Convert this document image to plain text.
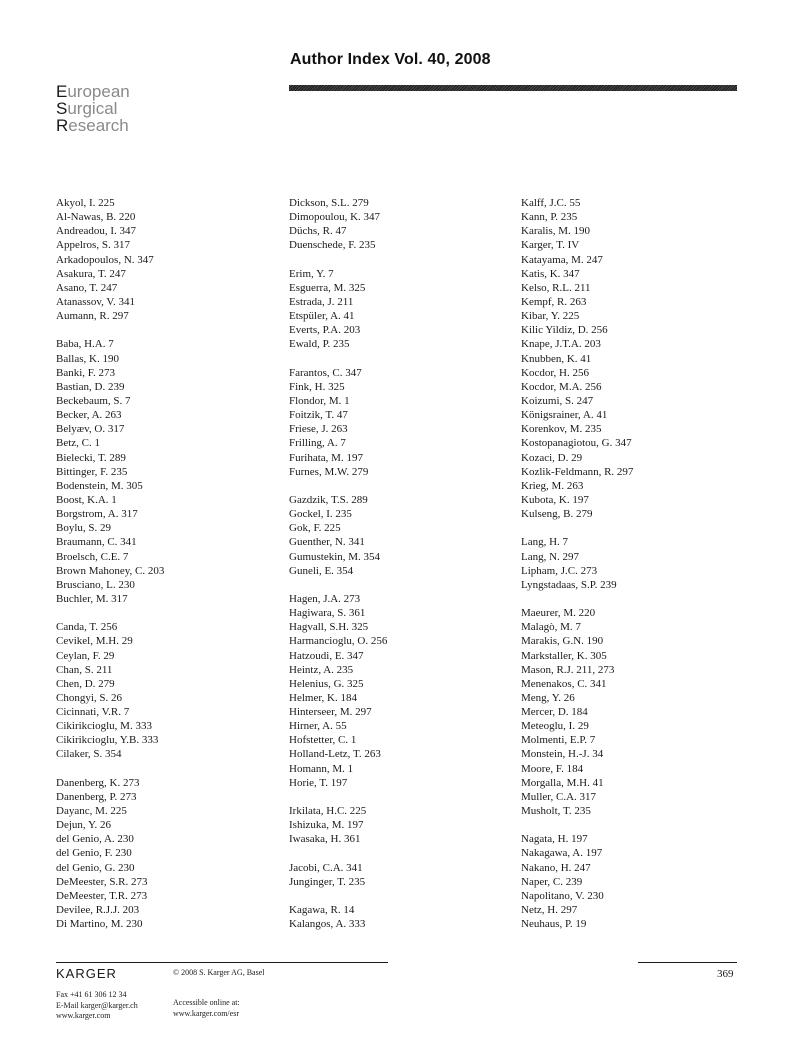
Author Index Vol. 40, 2008
European
Surgical
Research
Akyol, I. 225
Al-Nawas, B. 220
Andreadou, I. 347
Appelros, S. 317
Arkadopoulos, N. 347
Asakura, T. 247
Asano, T. 247
Atanassov, V. 341
Aumann, R. 297
Baba, H.A. 7
Ballas, K. 190
Banki, F. 273
Bastian, D. 239
Beckebaum, S. 7
Becker, A. 263
Belyæv, O. 317
Betz, C. 1
Bielecki, T. 289
Bittinger, F. 235
Bodenstein, M. 305
Boost, K.A. 1
Borgstrom, A. 317
Boylu, S. 29
Braumann, C. 341
Broelsch, C.E. 7
Brown Mahoney, C. 203
Brusciano, L. 230
Buchler, M. 317
Canda, T. 256
Cevikel, M.H. 29
Ceylan, F. 29
Chan, S. 211
Chen, D. 279
Chongyi, S. 26
Cicinnati, V.R. 7
Cikirikcioglu, M. 333
Cikirikcioglu, Y.B. 333
Cilaker, S. 354
Danenberg, K. 273
Danenberg, P. 273
Dayanc, M. 225
Dejun, Y. 26
del Genio, A. 230
del Genio, F. 230
del Genio, G. 230
DeMeester, S.R. 273
DeMeester, T.R. 273
Devilee, R.J.J. 203
Di Martino, M. 230
Dickson, S.L. 279
Dimopoulou, K. 347
Düchs, R. 47
Duenschede, F. 235
Erim, Y. 7
Esguerra, M. 325
Estrada, J. 211
Etspüler, A. 41
Everts, P.A. 203
Ewald, P. 235
Farantos, C. 347
Fink, H. 325
Flondor, M. 1
Foitzik, T. 47
Friese, J. 263
Frilling, A. 7
Furihata, M. 197
Furnes, M.W. 279
Gazdzik, T.S. 289
Gockel, I. 235
Gok, F. 225
Guenther, N. 341
Gumustekin, M. 354
Guneli, E. 354
Hagen, J.A. 273
Hagiwara, S. 361
Hagvall, S.H. 325
Harmancioglu, O. 256
Hatzoudi, E. 347
Heintz, A. 235
Helenius, G. 325
Helmer, K. 184
Hinterseer, M. 297
Hirner, A. 55
Hofstetter, C. 1
Holland-Letz, T. 263
Homann, M. 1
Horie, T. 197
Irkilata, H.C. 225
Ishizuka, M. 197
Iwasaka, H. 361
Jacobi, C.A. 341
Junginger, T. 235
Kagawa, R. 14
Kalangos, A. 333
Kalff, J.C. 55
Kann, P. 235
Karalis, M. 190
Karger, T. IV
Katayama, M. 247
Katis, K. 347
Kelso, R.L. 211
Kempf, R. 263
Kibar, Y. 225
Kilic Yildiz, D. 256
Knape, J.T.A. 203
Knubben, K. 41
Kocdor, H. 256
Kocdor, M.A. 256
Koizumi, S. 247
Königsrainer, A. 41
Korenkov, M. 235
Kostopanagiotou, G. 347
Kozaci, D. 29
Kozlik-Feldmann, R. 297
Krieg, M. 263
Kubota, K. 197
Kulseng, B. 279
Lang, H. 7
Lang, N. 297
Lipham, J.C. 273
Lyngstadaas, S.P. 239
Maeurer, M. 220
Malagò, M. 7
Marakis, G.N. 190
Markstaller, K. 305
Mason, R.J. 211, 273
Menenakos, C. 341
Meng, Y. 26
Mercer, D. 184
Meteoglu, I. 29
Molmenti, E.P. 7
Monstein, H.-J. 34
Moore, F. 184
Morgalla, M.H. 41
Muller, C.A. 317
Musholt, T. 235
Nagata, H. 197
Nakagawa, A. 197
Nakano, H. 247
Naper, C. 239
Napolitano, V. 230
Netz, H. 297
Neuhaus, P. 19
KARGER
Fax +41 61 306 12 34
E-Mail karger@karger.ch
www.karger.com
© 2008 S. Karger AG, Basel
Accessible online at:
www.karger.com/esr
369
